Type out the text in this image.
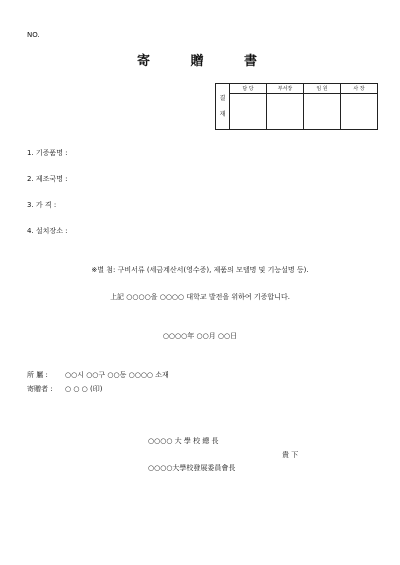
NO.
寄 贈 書
결
재	담 당	부서장	임 원	사 장

1. 기증품명 :
2. 제조국명 :
3. 가 격 :
4. 설치장소 :
※별 첨: 구비서류 (세금계산서(영수증), 제품의 모델명 및 기능설명 등).
上記 ○○○○을 ○○○○ 대학교 발전을 위하여 기증합니다.
○○○○年 ○○月 ○○日
所 屬 : ○○시 ○○구 ○○동 ○○○○ 소재
寄贈者 : ○ ○ ○ (印)
○○○○ 大 學 校 總 長
貴 下
○○○○大學校發展委員會長
